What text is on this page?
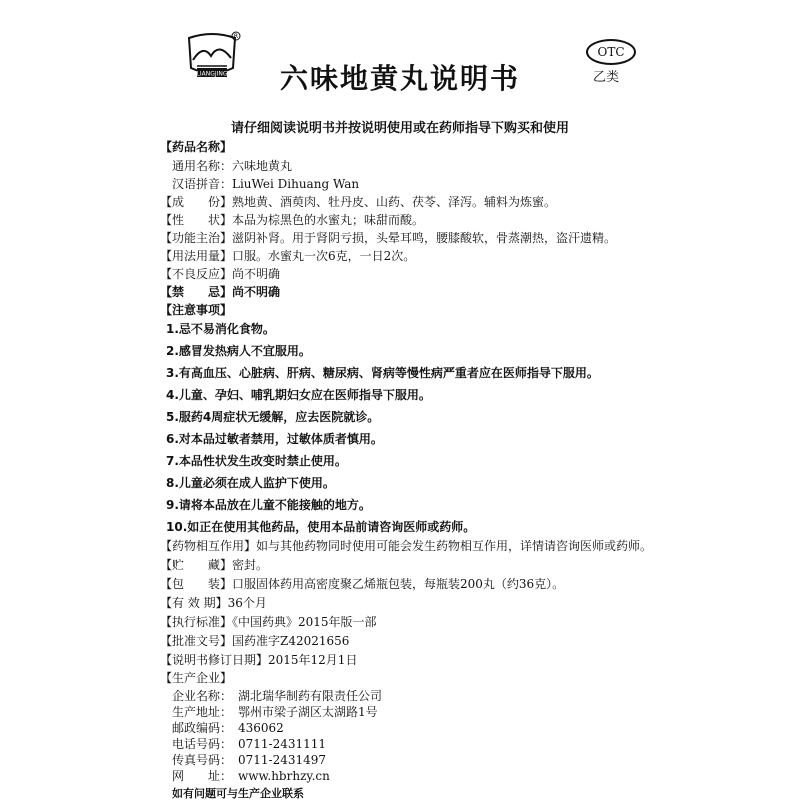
LIANGJING
R
六味地黄丸说明书
OTC
乙类
请仔细阅读说明书并按说明使用或在药师指导下购买和使用
【药品名称】
通用名称：六味地黄丸
汉语拼音：LiuWei Dihuang Wan
【成　　份】熟地黄、酒萸肉、牡丹皮、山药、茯苓、泽泻。辅料为炼蜜。
【性　　状】本品为棕黑色的水蜜丸；味甜而酸。
【功能主治】滋阴补肾。用于肾阴亏损，头晕耳鸣，腰膝酸软，骨蒸潮热，盗汗遗精。
【用法用量】口服。水蜜丸一次6克，一日2次。
【不良反应】尚不明确
【禁　　忌】尚不明确
【注意事项】
1.忌不易消化食物。
2.感冒发热病人不宜服用。
3.有高血压、心脏病、肝病、糖尿病、肾病等慢性病严重者应在医师指导下服用。
4.儿童、孕妇、哺乳期妇女应在医师指导下服用。
5.服药4周症状无缓解，应去医院就诊。
6.对本品过敏者禁用，过敏体质者慎用。
7.本品性状发生改变时禁止使用。
8.儿童必须在成人监护下使用。
9.请将本品放在儿童不能接触的地方。
10.如正在使用其他药品，使用本品前请咨询医师或药师。
【药物相互作用】如与其他药物同时使用可能会发生药物相互作用，详情请咨询医师或药师。
【贮　　藏】密封。
【包　　装】口服固体药用高密度聚乙烯瓶包装，每瓶装200丸（约36克）。
【有 效 期】36个月
【执行标准】《中国药典》2015年版一部
【批准文号】国药准字Z42021656
【说明书修订日期】2015年12月1日
【生产企业】
企业名称：　湖北瑞华制药有限责任公司
生产地址：　鄂州市梁子湖区太湖路1号
邮政编码：　436062
电话号码：　0711-2431111
传真号码：　0711-2431497
网　　址：　www.hbrhzy.cn
如有问题可与生产企业联系
